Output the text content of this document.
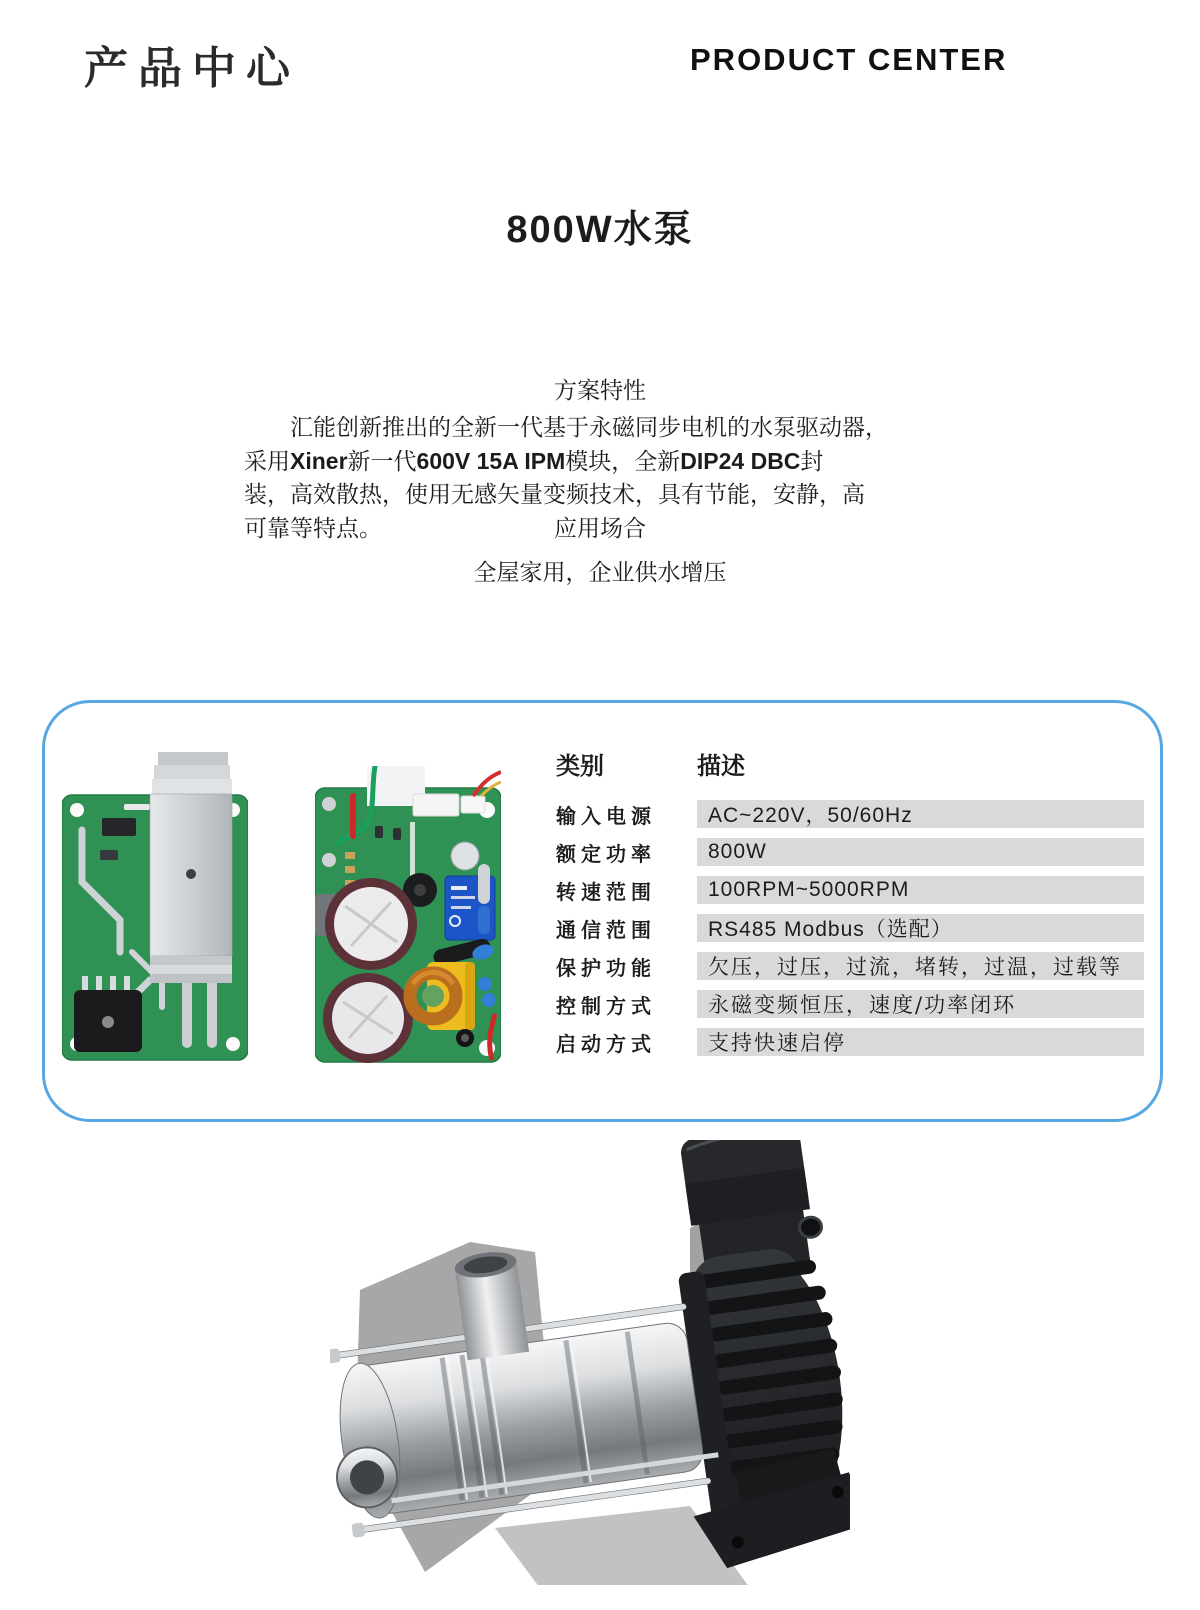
产品中心	PRODUCT CENTER
800W水泵
方案特性
汇能创新推出的全新一代基于永磁同步电机的水泵驱动器，
采用Xiner新一代600V 15A IPM模块，全新DIP24 DBC封
装，高效散热，使用无感矢量变频技术，具有节能，安静，高
可靠等特点。	应用场合
全屋家用，企业供水增压
类别	描述
输入电源	AC~220V，50/60Hz
额定功率	800W
转速范围	100RPM~5000RPM
通信范围	RS485 Modbus（选配）
保护功能	欠压，过压，过流，堵转，过温，过载等
控制方式	永磁变频恒压，速度/功率闭环
启动方式	支持快速启停
